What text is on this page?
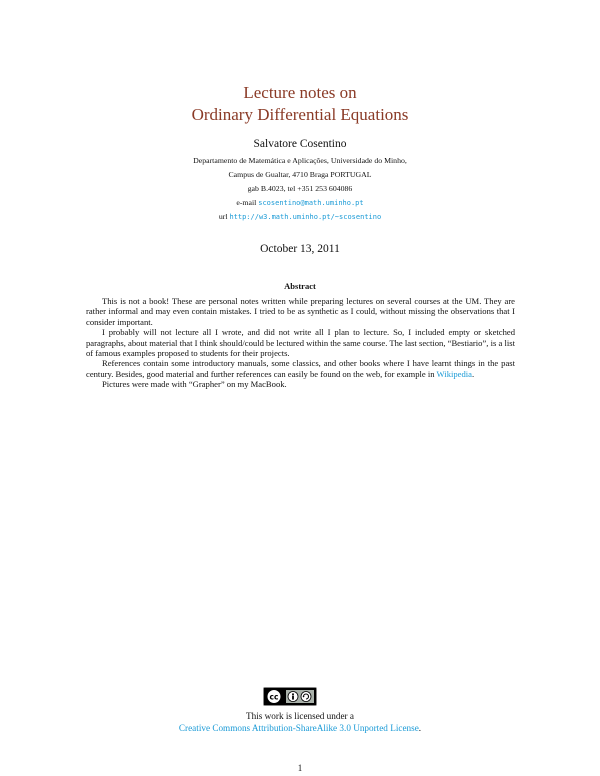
Lecture notes on
Ordinary Differential Equations
Salvatore Cosentino
Departamento de Matemática e Aplicações, Universidade do Minho,
Campus de Gualtar, 4710 Braga PORTUGAL
gab B.4023, tel +351 253 604086
e-mail scosentino@math.uminho.pt
url http://w3.math.uminho.pt/~scosentino
October 13, 2011
Abstract

This is not a book! These are personal notes written while preparing lectures on several courses at the UM. They are rather informal and may even contain mistakes. I tried to be as synthetic as I could, without missing the observations that I consider important.

I probably will not lecture all I wrote, and did not write all I plan to lecture. So, I included empty or sketched paragraphs, about material that I think should/could be lectured within the same course. The last section, “Bestiario”, is a list of famous examples proposed to students for their projects.

References contain some introductory manuals, some classics, and other books where I have learnt things in the past century. Besides, good material and further references can easily be found on the web, for example in Wikipedia.

Pictures were made with “Grapher” on my MacBook.

cc
This work is licensed under a
Creative Commons Attribution-ShareAlike 3.0 Unported License.
1
